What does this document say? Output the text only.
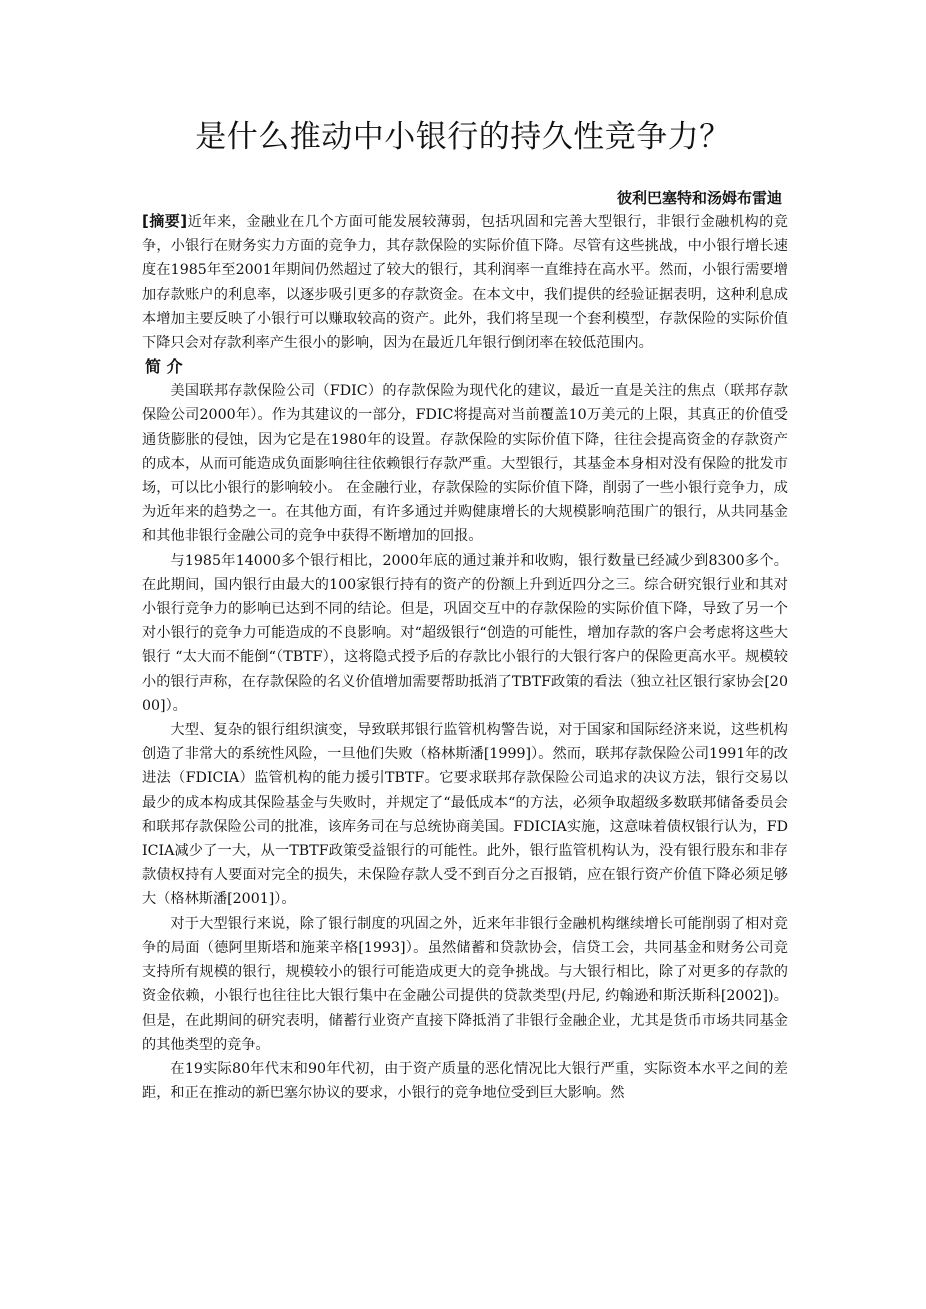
是什么推动中小银行的持久性竞争力？

彼利巴塞特和汤姆布雷迪

[摘要]近年来，金融业在几个方面可能发展较薄弱，包括巩固和完善大型银行，非银行金融机构的竞争，小银行在财务实力方面的竞争力，其存款保险的实际价值下降。尽管有这些挑战，中小银行增长速度在1985年至2001年期间仍然超过了较大的银行，其利润率一直维持在高水平。然而，小银行需要增加存款账户的利息率，以逐步吸引更多的存款资金。在本文中，我们提供的经验证据表明，这种利息成本增加主要反映了小银行可以赚取较高的资产。此外，我们将呈现一个套利模型，存款保险的实际价值下降只会对存款利率产生很小的影响，因为在最近几年银行倒闭率在较低范围内。

简 介

美国联邦存款保险公司（FDIC）的存款保险为现代化的建议，最近一直是关注的焦点（联邦存款保险公司2000年）。作为其建议的一部分，FDIC将提高对当前覆盖10万美元的上限，其真正的价值受通货膨胀的侵蚀，因为它是在1980年的设置。存款保险的实际价值下降，往往会提高资金的存款资产的成本，从而可能造成负面影响往往依赖银行存款严重。大型银行，其基金本身相对没有保险的批发市场，可以比小银行的影响较小。 在金融行业，存款保险的实际价值下降，削弱了一些小银行竞争力，成为近年来的趋势之一。在其他方面，有许多通过并购健康增长的大规模影响范围广的银行，从共同基金和其他非银行金融公司的竞争中获得不断增加的回报。

与1985年14000多个银行相比，2000年底的通过兼并和收购，银行数量已经减少到8300多个。在此期间，国内银行由最大的100家银行持有的资产的份额上升到近四分之三。综合研究银行业和其对小银行竞争力的影响已达到不同的结论。但是，巩固交互中的存款保险的实际价值下降，导致了另一个对小银行的竞争力可能造成的不良影响。对“超级银行“创造的可能性，增加存款的客户会考虑将这些大银行 “太大而不能倒“（TBTF），这将隐式授予后的存款比小银行的大银行客户的保险更高水平。规模较小的银行声称，在存款保险的名义价值增加需要帮助抵消了TBTF政策的看法（独立社区银行家协会[2000]）。

大型、复杂的银行组织演变，导致联邦银行监管机构警告说，对于国家和国际经济来说，这些机构创造了非常大的系统性风险，一旦他们失败（格林斯潘[1999]）。然而，联邦存款保险公司1991年的改进法（FDICIA）监管机构的能力援引TBTF。它要求联邦存款保险公司追求的决议方法，银行交易以最少的成本构成其保险基金与失败时，并规定了“最低成本“的方法，必须争取超级多数联邦储备委员会和联邦存款保险公司的批准，该库务司在与总统协商美国。FDICIA实施，这意味着债权银行认为，FDICIA减少了一大，从一TBTF政策受益银行的可能性。此外，银行监管机构认为，没有银行股东和非存款债权持有人要面对完全的损失，未保险存款人受不到百分之百报销，应在银行资产价值下降必须足够大（格林斯潘[2001]）。

对于大型银行来说，除了银行制度的巩固之外，近来年非银行金融机构继续增长可能削弱了相对竞争的局面（德阿里斯塔和施莱辛格[1993]）。虽然储蓄和贷款协会，信贷工会，共同基金和财务公司竞支持所有规模的银行，规模较小的银行可能造成更大的竞争挑战。与大银行相比，除了对更多的存款的资金依赖，小银行也往往比大银行集中在金融公司提供的贷款类型(丹尼, 约翰逊和斯沃斯科[2002])。但是，在此期间的研究表明，储蓄行业资产直接下降抵消了非银行金融企业，尤其是货币市场共同基金的其他类型的竞争。

在19实际80年代末和90年代初，由于资产质量的恶化情况比大银行严重，实际资本水平之间的差距，和正在推动的新巴塞尔协议的要求，小银行的竞争地位受到巨大影响。然
